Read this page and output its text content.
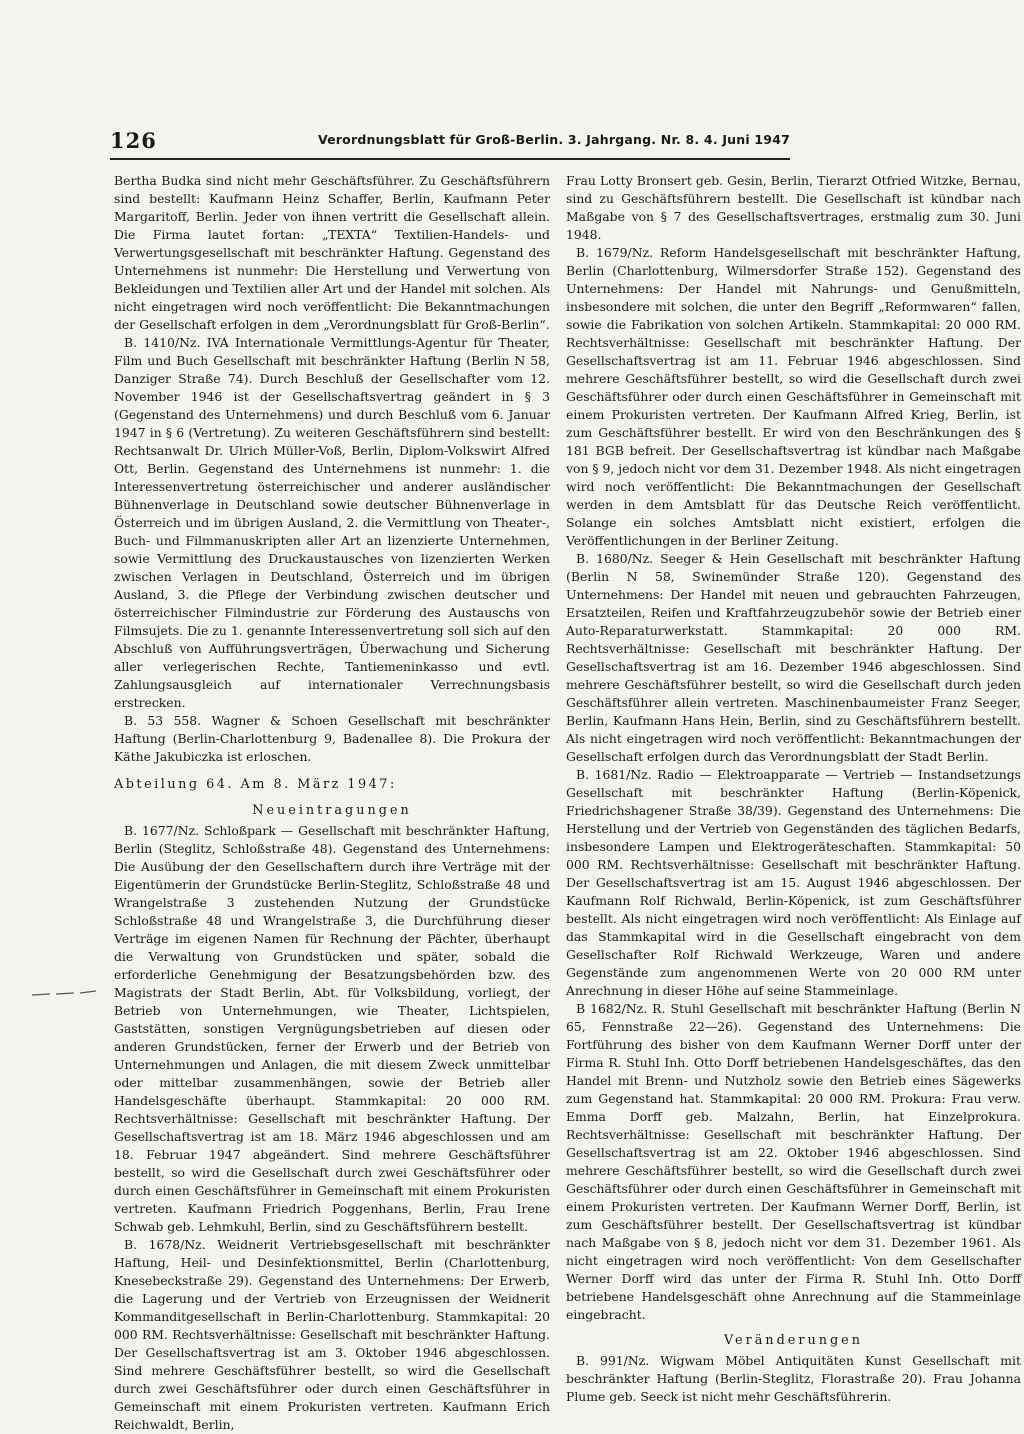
126	Verordnungsblatt für Groß-Berlin. 3. Jahrgang. Nr. 8. 4. Juni 1947

Bertha Budka sind nicht mehr Geschäftsführer. Zu Geschäftsführern sind bestellt: Kaufmann Heinz Schaffer, Berlin, Kaufmann Peter Margaritoff, Berlin. Jeder von ihnen vertritt die Gesellschaft allein. Die Firma lautet fortan: „TEXTA“ Textilien-Handels- und Verwertungsgesellschaft mit beschränkter Haftung. Gegenstand des Unternehmens ist nunmehr: Die Herstellung und Verwertung von Bekleidungen und Textilien aller Art und der Handel mit solchen. Als nicht eingetragen wird noch veröffentlicht: Die Bekanntmachungen der Gesellschaft erfolgen in dem „Verordnungsblatt für Groß-Berlin“.

B. 1410/Nz. IVA Internationale Vermittlungs-Agentur für Theater, Film und Buch Gesellschaft mit beschränkter Haftung (Berlin N 58, Danziger Straße 74). Durch Beschluß der Gesellschafter vom 12. November 1946 ist der Gesellschaftsvertrag geändert in § 3 (Gegenstand des Unternehmens) und durch Beschluß vom 6. Januar 1947 in § 6 (Vertretung). Zu weiteren Geschäftsführern sind bestellt: Rechtsanwalt Dr. Ulrich Müller-Voß, Berlin, Diplom-Volkswirt Alfred Ott, Berlin. Gegenstand des Unternehmens ist nunmehr: 1. die Interessenvertretung österreichischer und anderer ausländischer Bühnenverlage in Deutschland sowie deutscher Bühnenverlage in Österreich und im übrigen Ausland, 2. die Vermittlung von Theater-, Buch- und Filmmanuskripten aller Art an lizenzierte Unternehmen, sowie Vermittlung des Druckaustausches von lizenzierten Werken zwischen Verlagen in Deutschland, Österreich und im übrigen Ausland, 3. die Pflege der Verbindung zwischen deutscher und österreichischer Filmindustrie zur Förderung des Austauschs von Filmsujets. Die zu 1. genannte Interessenvertretung soll sich auf den Abschluß von Aufführungsverträgen, Überwachung und Sicherung aller verlegerischen Rechte, Tantiemeninkasso und evtl. Zahlungsausgleich auf internationaler Verrechnungsbasis erstrecken.

B. 53 558. Wagner & Schoen Gesellschaft mit beschränkter Haftung (Berlin-Charlottenburg 9, Badenallee 8). Die Prokura der Käthe Jakubiczka ist erloschen.

Abteilung 64. Am 8. März 1947:
Neueintragungen

B. 1677/Nz. Schloßpark — Gesellschaft mit beschränkter Haftung, Berlin (Steglitz, Schloßstraße 48). Gegenstand des Unternehmens: Die Ausübung der den Gesellschaftern durch ihre Verträge mit der Eigentümerin der Grundstücke Berlin-Steglitz, Schloßstraße 48 und Wrangelstraße 3 zustehenden Nutzung der Grundstücke Schloßstraße 48 und Wrangelstraße 3, die Durchführung dieser Verträge im eigenen Namen für Rechnung der Pächter, überhaupt die Verwaltung von Grundstücken und später, sobald die erforderliche Genehmigung der Besatzungsbehörden bzw. des Magistrats der Stadt Berlin, Abt. für Volksbildung, vorliegt, der Betrieb von Unternehmungen, wie Theater, Lichtspielen, Gaststätten, sonstigen Vergnügungsbetrieben auf diesen oder anderen Grundstücken, ferner der Erwerb und der Betrieb von Unternehmungen und Anlagen, die mit diesem Zweck unmittelbar oder mittelbar zusammenhängen, sowie der Betrieb aller Handelsgeschäfte überhaupt. Stammkapital: 20 000 RM. Rechtsverhältnisse: Gesellschaft mit beschränkter Haftung. Der Gesellschaftsvertrag ist am 18. März 1946 abgeschlossen und am 18. Februar 1947 abgeändert. Sind mehrere Geschäftsführer bestellt, so wird die Gesellschaft durch zwei Geschäftsführer oder durch einen Geschäftsführer in Gemeinschaft mit einem Prokuristen vertreten. Kaufmann Friedrich Poggenhans, Berlin, Frau Irene Schwab geb. Lehmkuhl, Berlin, sind zu Geschäftsführern bestellt.

B. 1678/Nz. Weidnerit Vertriebsgesellschaft mit beschränkter Haftung, Heil- und Desinfektionsmittel, Berlin (Charlottenburg, Knesebeckstraße 29). Gegenstand des Unternehmens: Der Erwerb, die Lagerung und der Vertrieb von Erzeugnissen der Weidnerit Kommanditgesellschaft in Berlin-Charlottenburg. Stammkapital: 20 000 RM. Rechtsverhältnisse: Gesellschaft mit beschränkter Haftung. Der Gesellschaftsvertrag ist am 3. Oktober 1946 abgeschlossen. Sind mehrere Geschäftsführer bestellt, so wird die Gesellschaft durch zwei Geschäftsführer oder durch einen Geschäftsführer in Gemeinschaft mit einem Prokuristen vertreten. Kaufmann Erich Reichwaldt, Berlin,

Frau Lotty Bronsert geb. Gesin, Berlin, Tierarzt Otfried Witzke, Bernau, sind zu Geschäftsführern bestellt. Die Gesellschaft ist kündbar nach Maßgabe von § 7 des Gesellschaftsvertrages, erstmalig zum 30. Juni 1948.

B. 1679/Nz. Reform Handelsgesellschaft mit beschränkter Haftung, Berlin (Charlottenburg, Wilmersdorfer Straße 152). Gegenstand des Unternehmens: Der Handel mit Nahrungs- und Genußmitteln, insbesondere mit solchen, die unter den Begriff „Reformwaren“ fallen, sowie die Fabrikation von solchen Artikeln. Stammkapital: 20 000 RM. Rechtsverhältnisse: Gesellschaft mit beschränkter Haftung. Der Gesellschaftsvertrag ist am 11. Februar 1946 abgeschlossen. Sind mehrere Geschäftsführer bestellt, so wird die Gesellschaft durch zwei Geschäftsführer oder durch einen Geschäftsführer in Gemeinschaft mit einem Prokuristen vertreten. Der Kaufmann Alfred Krieg, Berlin, ist zum Geschäftsführer bestellt. Er wird von den Beschränkungen des § 181 BGB befreit. Der Gesellschaftsvertrag ist kündbar nach Maßgabe von § 9, jedoch nicht vor dem 31. Dezember 1948. Als nicht eingetragen wird noch veröffentlicht: Die Bekanntmachungen der Gesellschaft werden in dem Amtsblatt für das Deutsche Reich veröffentlicht. Solange ein solches Amtsblatt nicht existiert, erfolgen die Veröffentlichungen in der Berliner Zeitung.

B. 1680/Nz. Seeger & Hein Gesellschaft mit beschränkter Haftung (Berlin N 58, Swinemünder Straße 120). Gegenstand des Unternehmens: Der Handel mit neuen und gebrauchten Fahrzeugen, Ersatzteilen, Reifen und Kraftfahrzeugzubehör sowie der Betrieb einer Auto-Reparaturwerkstatt. Stammkapital: 20 000 RM. Rechtsverhältnisse: Gesellschaft mit beschränkter Haftung. Der Gesellschaftsvertrag ist am 16. Dezember 1946 abgeschlossen. Sind mehrere Geschäftsführer bestellt, so wird die Gesellschaft durch jeden Geschäftsführer allein vertreten. Maschinenbaumeister Franz Seeger, Berlin, Kaufmann Hans Hein, Berlin, sind zu Geschäftsführern bestellt. Als nicht eingetragen wird noch veröffentlicht: Bekanntmachungen der Gesellschaft erfolgen durch das Verordnungsblatt der Stadt Berlin.

B. 1681/Nz. Radio — Elektroapparate — Vertrieb — Instandsetzungs Gesellschaft mit beschränkter Haftung (Berlin-Köpenick, Friedrichshagener Straße 38/39). Gegenstand des Unternehmens: Die Herstellung und der Vertrieb von Gegenständen des täglichen Bedarfs, insbesondere Lampen und Elektrogeräteschaften. Stammkapital: 50 000 RM. Rechtsverhältnisse: Gesellschaft mit beschränkter Haftung. Der Gesellschaftsvertrag ist am 15. August 1946 abgeschlossen. Der Kaufmann Rolf Richwald, Berlin-Köpenick, ist zum Geschäftsführer bestellt. Als nicht eingetragen wird noch veröffentlicht: Als Einlage auf das Stammkapital wird in die Gesellschaft eingebracht von dem Gesellschafter Rolf Richwald Werkzeuge, Waren und andere Gegenstände zum angenommenen Werte von 20 000 RM unter Anrechnung in dieser Höhe auf seine Stammeinlage.

B 1682/Nz. R. Stuhl Gesellschaft mit beschränkter Haftung (Berlin N 65, Fennstraße 22—26). Gegenstand des Unternehmens: Die Fortführung des bisher von dem Kaufmann Werner Dorff unter der Firma R. Stuhl Inh. Otto Dorff betriebenen Handelsgeschäftes, das den Handel mit Brenn- und Nutzholz sowie den Betrieb eines Sägewerks zum Gegenstand hat. Stammkapital: 20 000 RM. Prokura: Frau verw. Emma Dorff geb. Malzahn, Berlin, hat Einzelprokura. Rechtsverhältnisse: Gesellschaft mit beschränkter Haftung. Der Gesellschaftsvertrag ist am 22. Oktober 1946 abgeschlossen. Sind mehrere Geschäftsführer bestellt, so wird die Gesellschaft durch zwei Geschäftsführer oder durch einen Geschäftsführer in Gemeinschaft mit einem Prokuristen vertreten. Der Kaufmann Werner Dorff, Berlin, ist zum Geschäftsführer bestellt. Der Gesellschaftsvertrag ist kündbar nach Maßgabe von § 8, jedoch nicht vor dem 31. Dezember 1961. Als nicht eingetragen wird noch veröffentlicht: Von dem Gesellschafter Werner Dorff wird das unter der Firma R. Stuhl Inh. Otto Dorff betriebene Handelsgeschäft ohne Anrechnung auf die Stammeinlage eingebracht.

Veränderungen

B. 991/Nz. Wigwam Möbel Antiquitäten Kunst Gesellschaft mit beschränkter Haftung (Berlin-Steglitz, Florastraße 20). Frau Johanna Plume geb. Seeck ist nicht mehr Geschäftsführerin.
